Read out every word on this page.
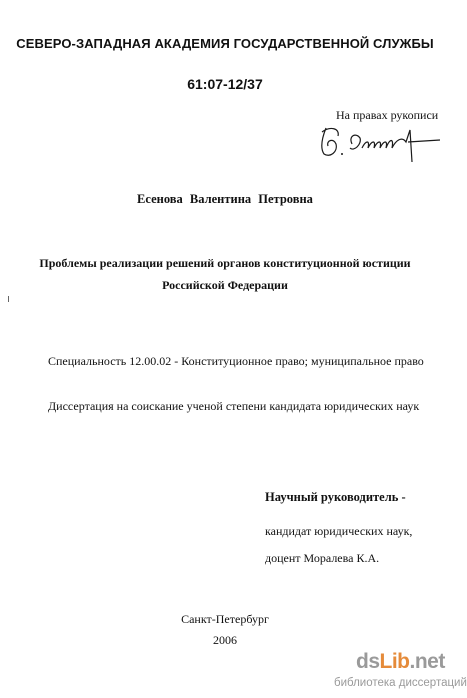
СЕВЕРО-ЗАПАДНАЯ АКАДЕМИЯ ГОСУДАРСТВЕННОЙ СЛУЖБЫ
61:07-12/37
На правах рукописи
Есенова Валентина Петровна
Проблемы реализации решений органов конституционной юстиции
Российской Федерации
Специальность 12.00.02 - Конституционное право; муниципальное право
Диссертация на соискание ученой степени кандидата юридических наук
Научный руководитель -
кандидат юридических наук,
доцент Моралева К.А.
Санкт-Петербург
2006
dsLib.net
библиотека диссертаций
